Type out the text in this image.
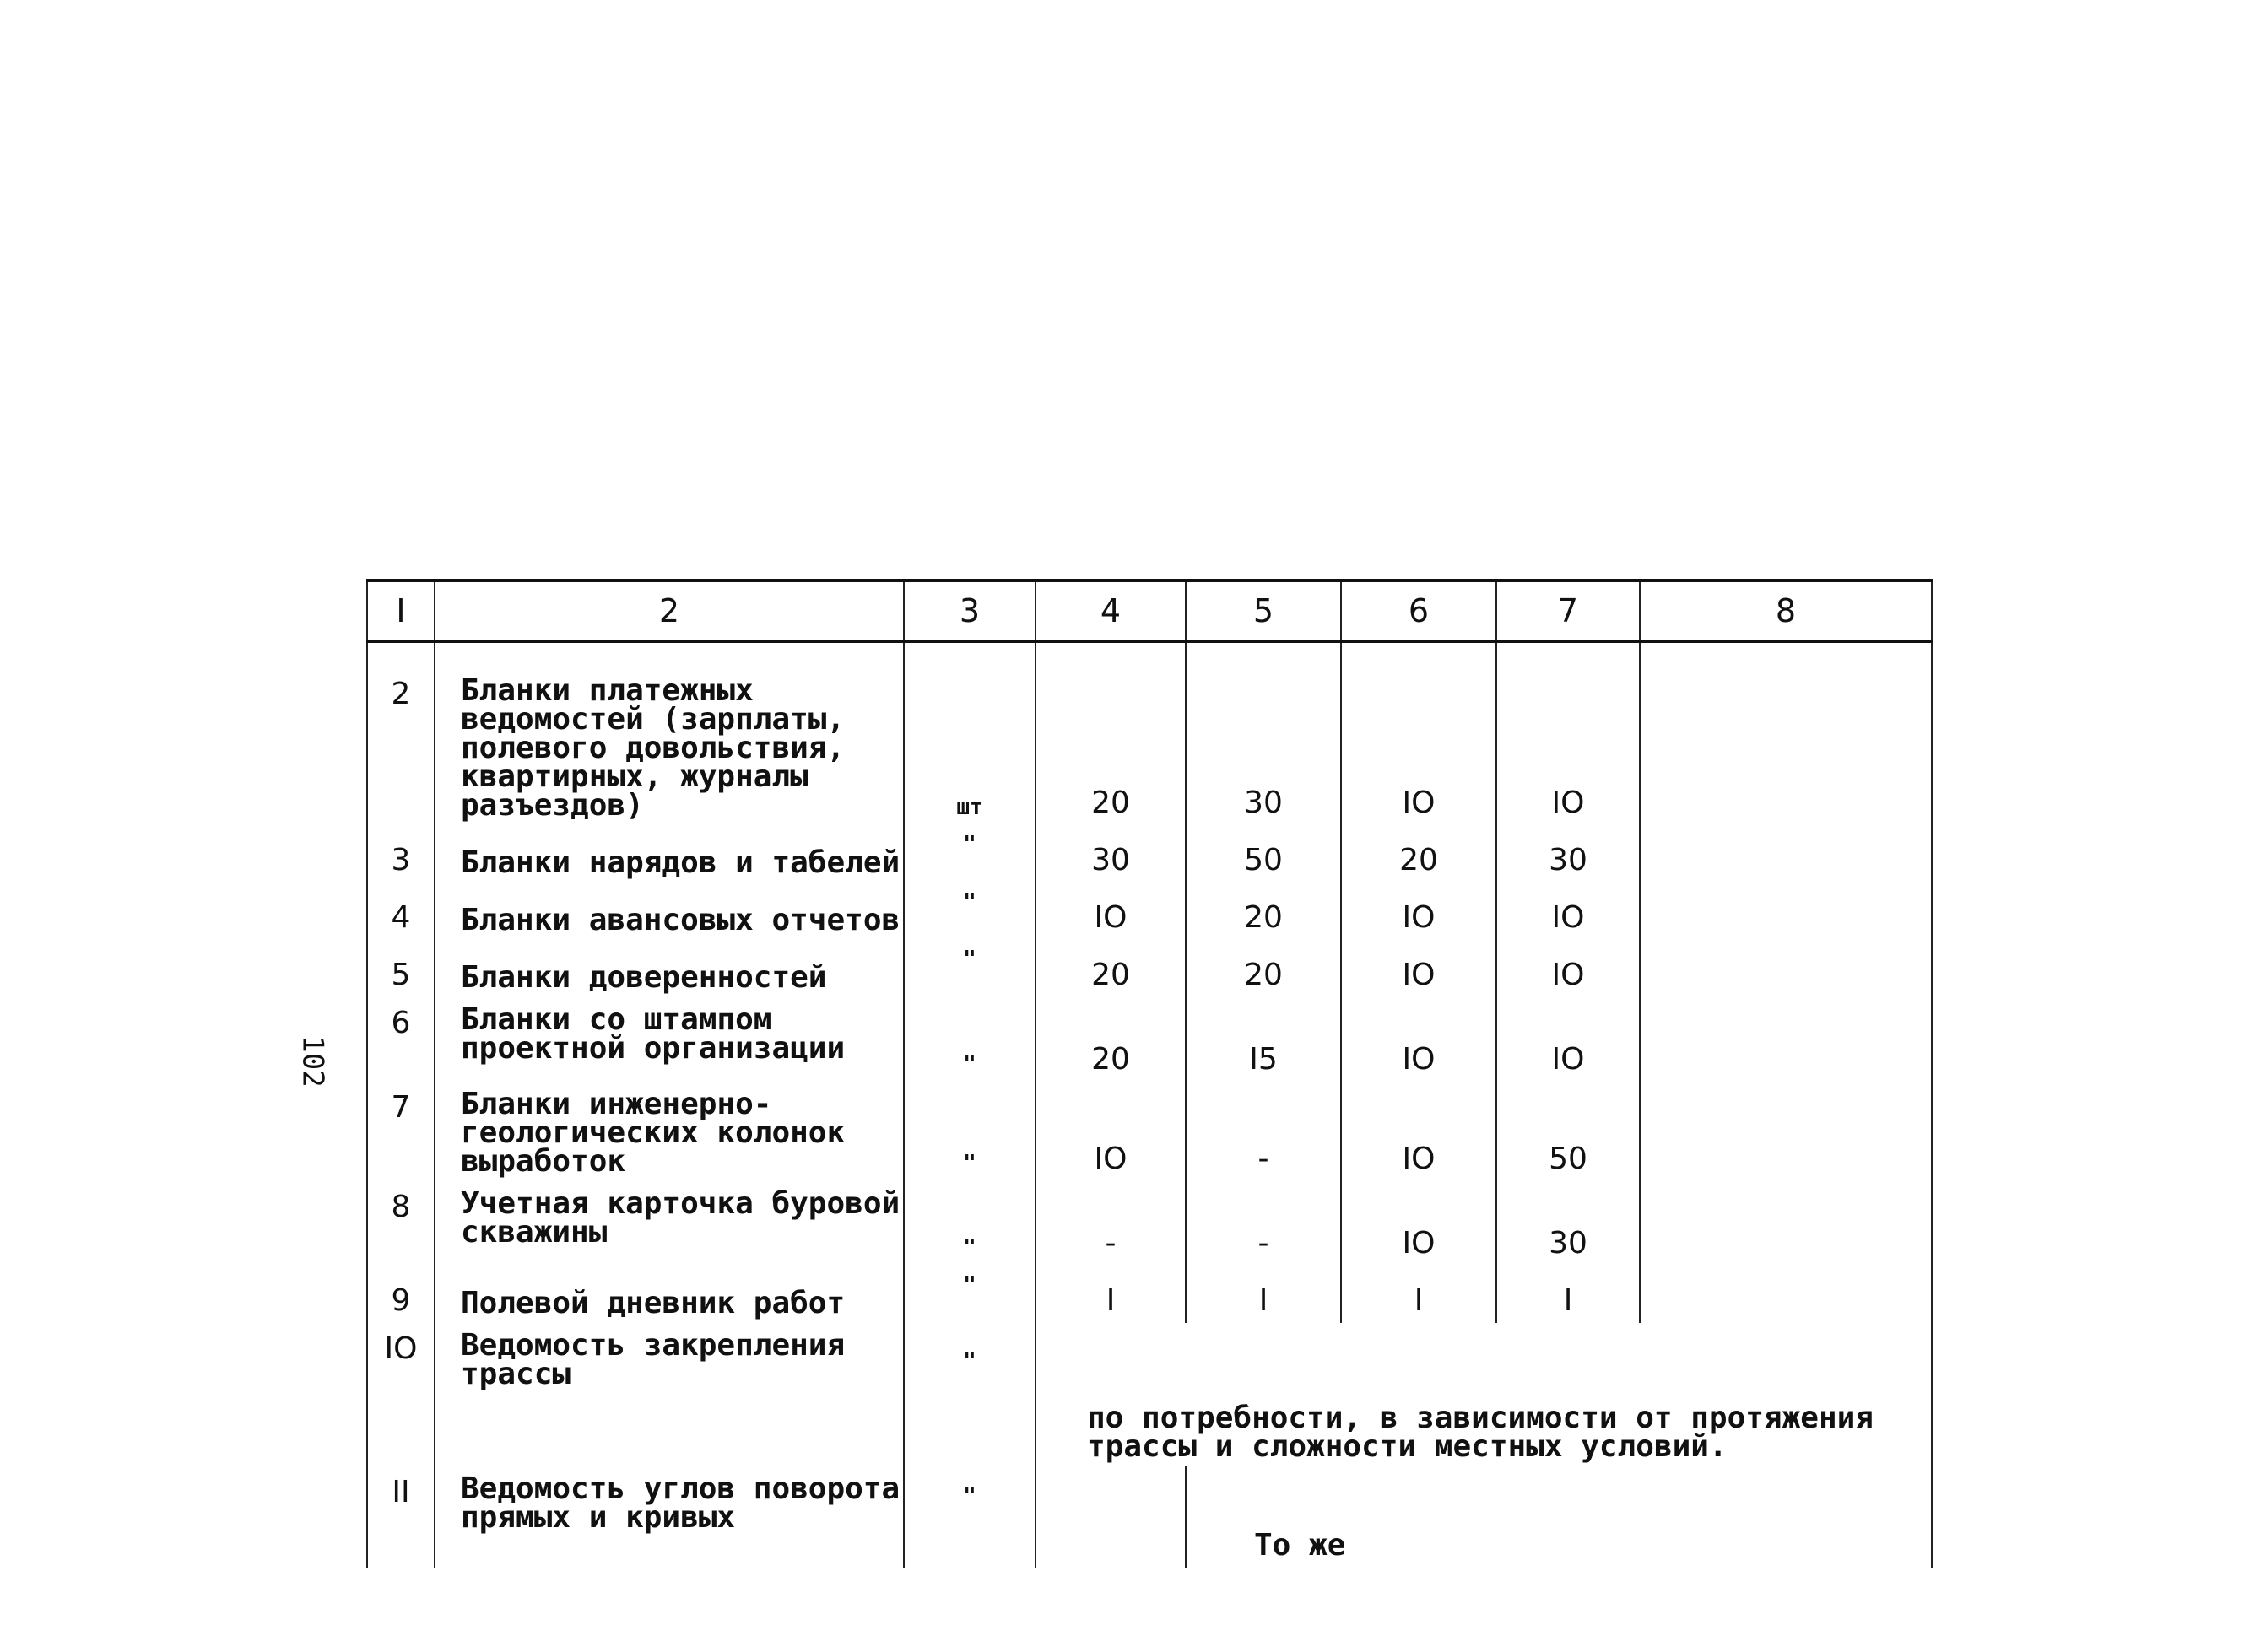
102
I	2	3	4	5	6	7	8
2	Бланки платежных ведомостей (зарплаты, полевого довольствия, квартирных, журналы разъездов)	шт	20	30	IO	IO	
3	Бланки нарядов и табелей	"	30	50	20	30	
4	Бланки авансовых отчетов	"	IO	20	IO	IO	
5	Бланки доверенностей	"	20	20	IO	IO	
6	Бланки со штампом проектной организации	"	20	I5	IO	IO	
7	Бланки инженерно-геологических колонок выработок	"	IO	-	IO	50	
8	Учетная карточка буровой скважины	"	-	-	IO	30	
9	Полевой дневник работ	"	I	I	I	I	
IO	Ведомость закрепления трассы	"	по потребности, в зависимости от протяжения трассы и сложности местных условий.				
II	Ведомость углов поворота прямых и кривых	"		То же			
